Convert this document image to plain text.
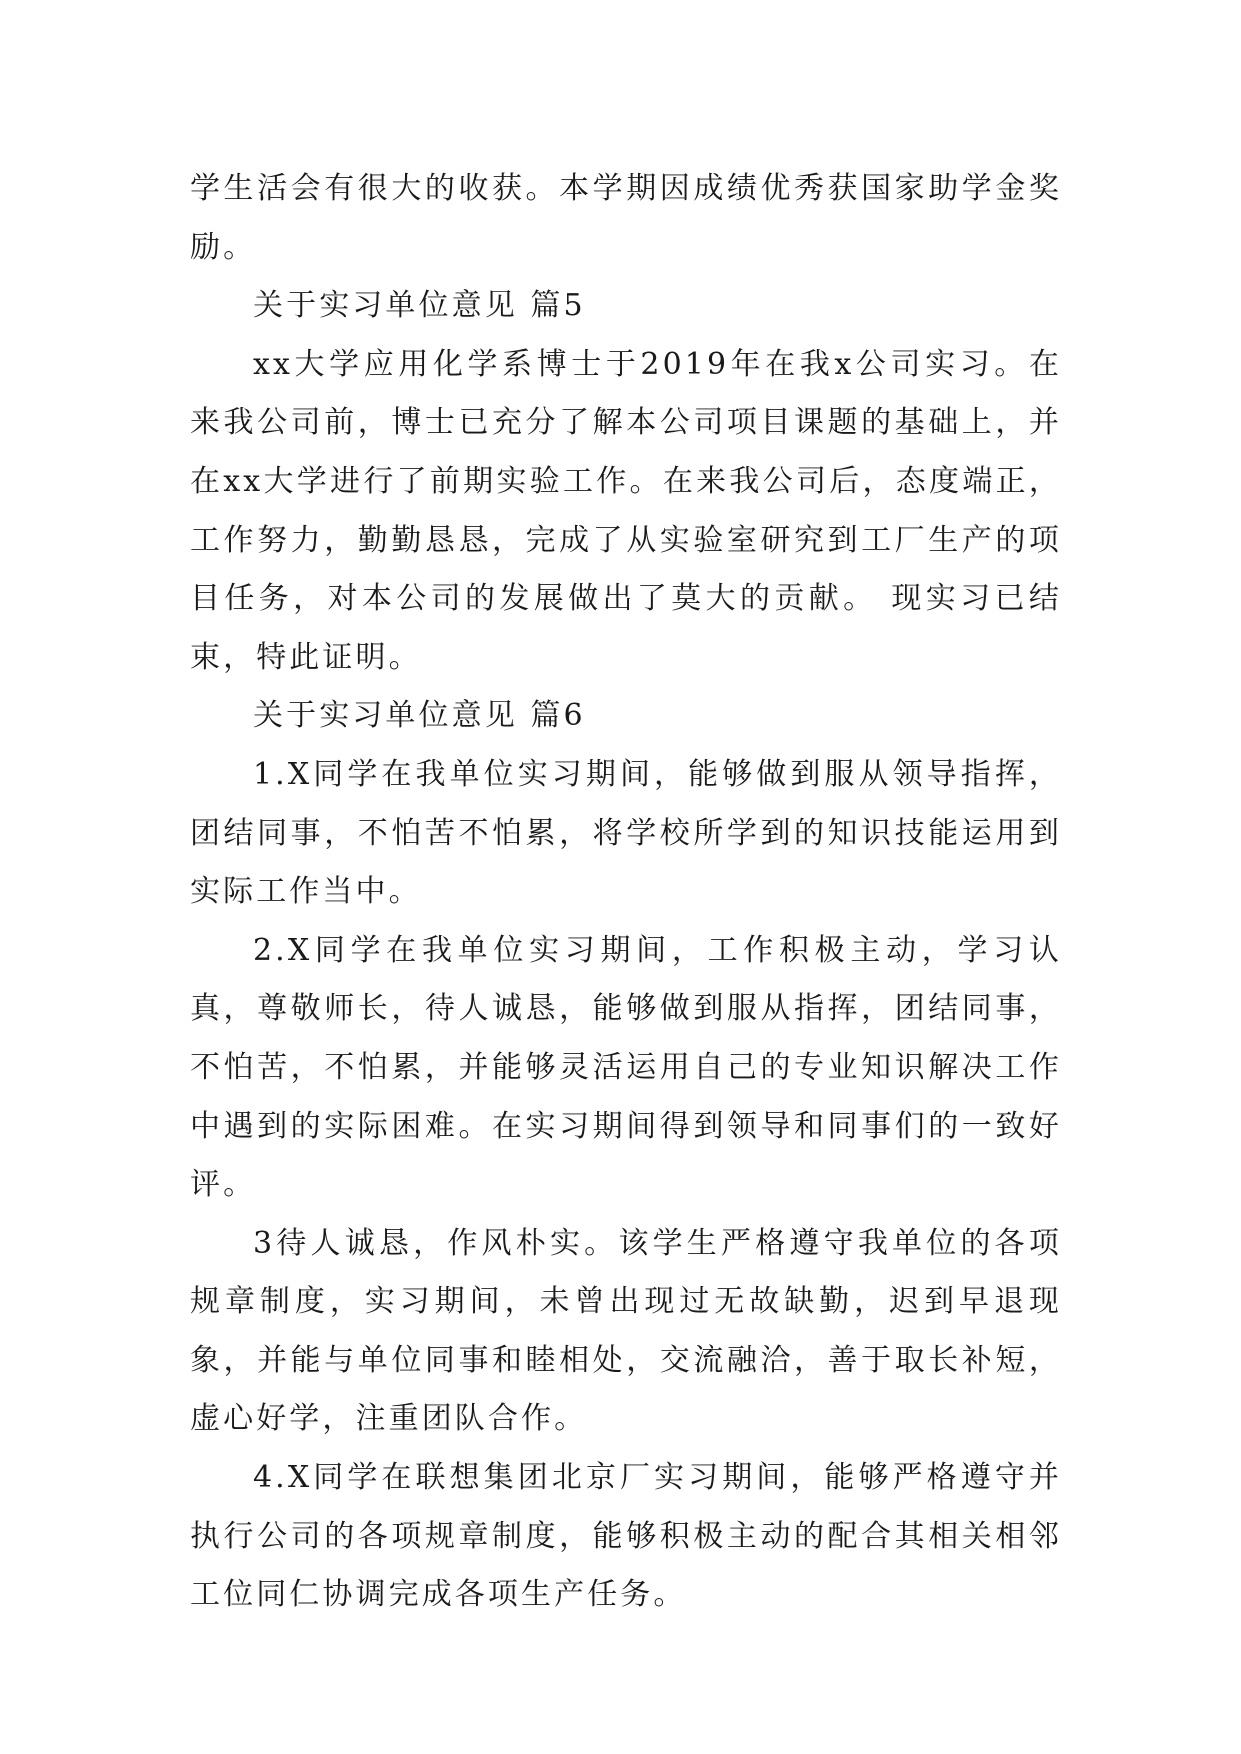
学生活会有很大的收获。本学期因成绩优秀获国家助学金奖励。

关于实习单位意见 篇5

xx大学应用化学系博士于2019年在我x公司实习。在来我公司前，博士已充分了解本公司项目课题的基础上，并在xx大学进行了前期实验工作。在来我公司后，态度端正，工作努力，勤勤恳恳，完成了从实验室研究到工厂生产的项目任务，对本公司的发展做出了莫大的贡献。 现实习已结束，特此证明。

关于实习单位意见 篇6

1.X同学在我单位实习期间，能够做到服从领导指挥，团结同事，不怕苦不怕累，将学校所学到的知识技能运用到实际工作当中。

2.X同学在我单位实习期间，工作积极主动，学习认真，尊敬师长，待人诚恳，能够做到服从指挥，团结同事，不怕苦，不怕累，并能够灵活运用自己的专业知识解决工作中遇到的实际困难。在实习期间得到领导和同事们的一致好评。

3待人诚恳，作风朴实。该学生严格遵守我单位的各项规章制度，实习期间，未曾出现过无故缺勤，迟到早退现象，并能与单位同事和睦相处，交流融洽，善于取长补短，虚心好学，注重团队合作。

4.X同学在联想集团北京厂实习期间，能够严格遵守并执行公司的各项规章制度，能够积极主动的配合其相关相邻工位同仁协调完成各项生产任务。
